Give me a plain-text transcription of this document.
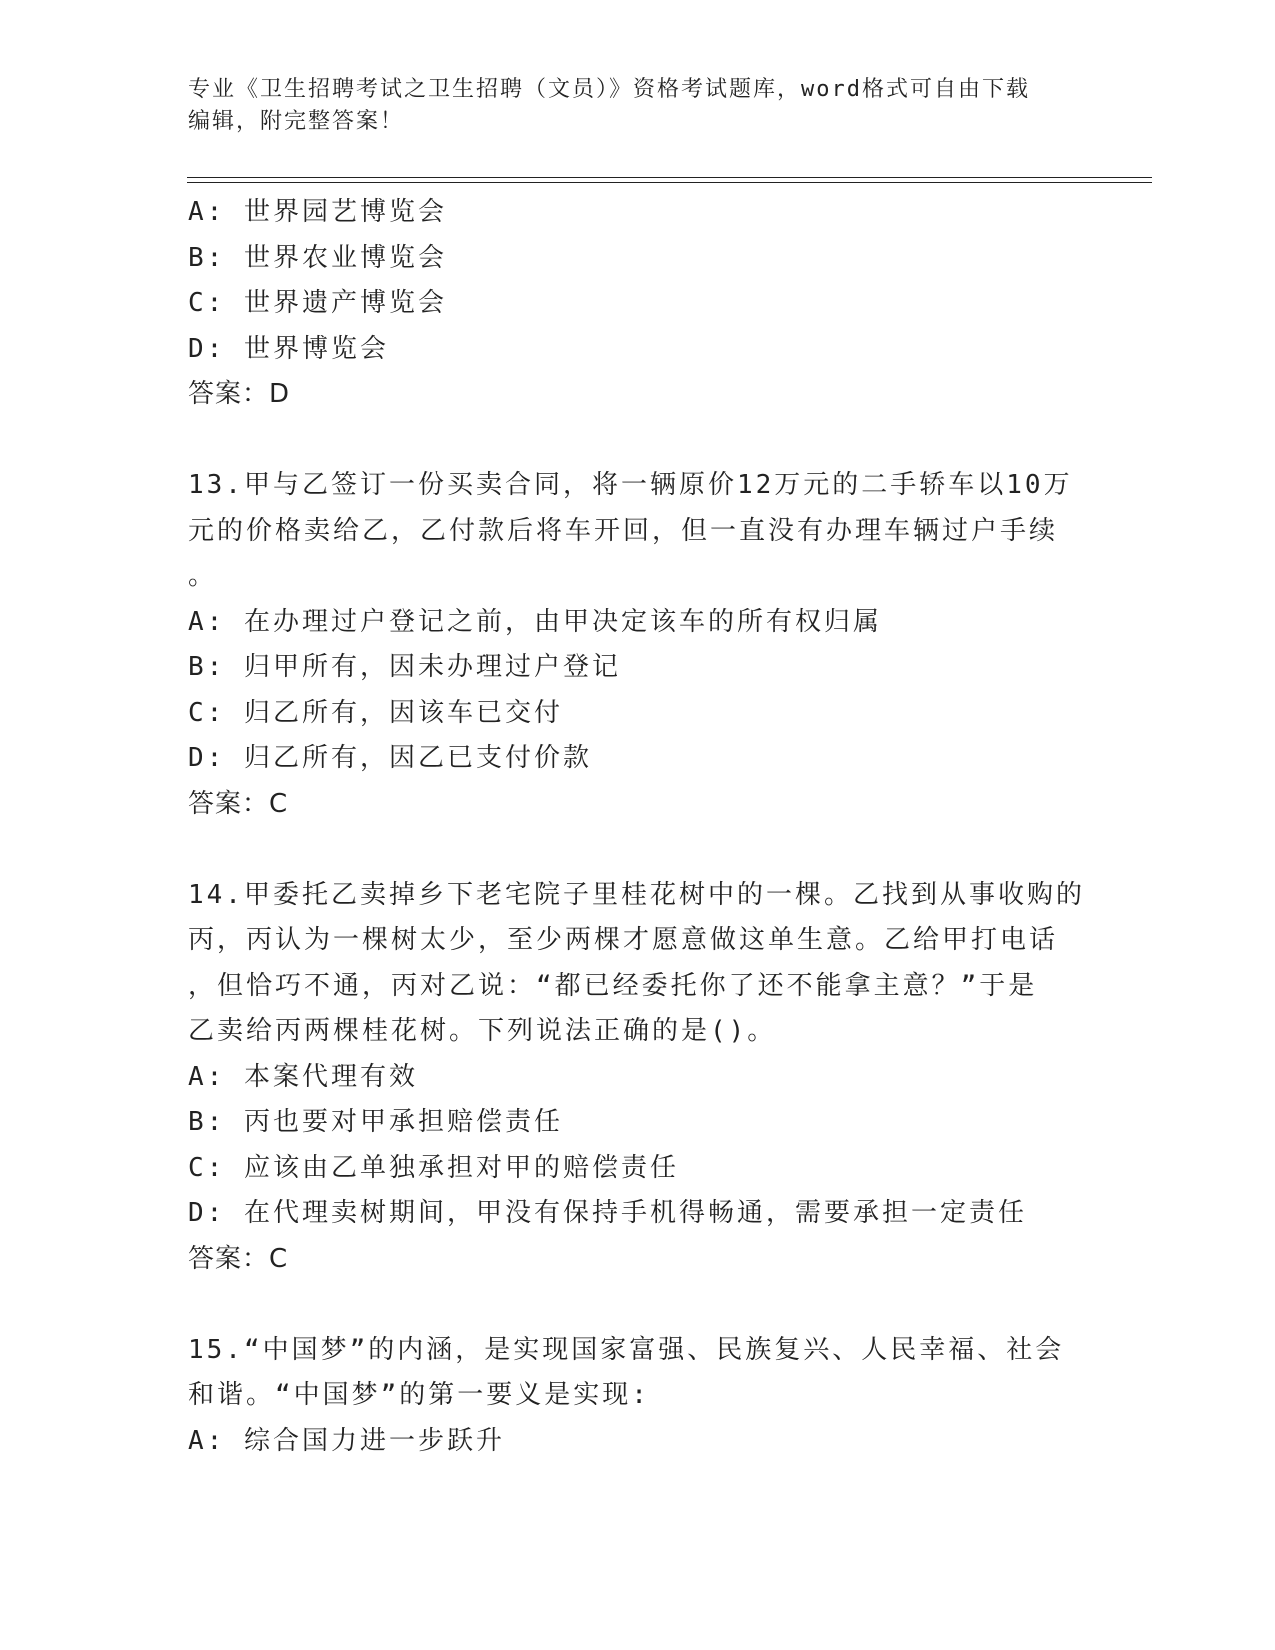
专业《卫生招聘考试之卫生招聘（文员）》资格考试题库，word格式可自由下载
编辑，附完整答案！
A: 世界园艺博览会
B: 世界农业博览会
C: 世界遗产博览会
D: 世界博览会
答案：D
13.甲与乙签订一份买卖合同，将一辆原价12万元的二手轿车以10万
元的价格卖给乙，乙付款后将车开回，但一直没有办理车辆过户手续
。
A: 在办理过户登记之前，由甲决定该车的所有权归属
B: 归甲所有，因未办理过户登记
C: 归乙所有，因该车已交付
D: 归乙所有，因乙已支付价款
答案：C
14.甲委托乙卖掉乡下老宅院子里桂花树中的一棵。乙找到从事收购的
丙，丙认为一棵树太少，至少两棵才愿意做这单生意。乙给甲打电话
，但恰巧不通，丙对乙说：“都已经委托你了还不能拿主意？”于是
乙卖给丙两棵桂花树。下列说法正确的是()。
A: 本案代理有效
B: 丙也要对甲承担赔偿责任
C: 应该由乙单独承担对甲的赔偿责任
D: 在代理卖树期间，甲没有保持手机得畅通，需要承担一定责任
答案：C
15.“中国梦”的内涵，是实现国家富强、民族复兴、人民幸福、社会
和谐。“中国梦”的第一要义是实现:
A: 综合国力进一步跃升
